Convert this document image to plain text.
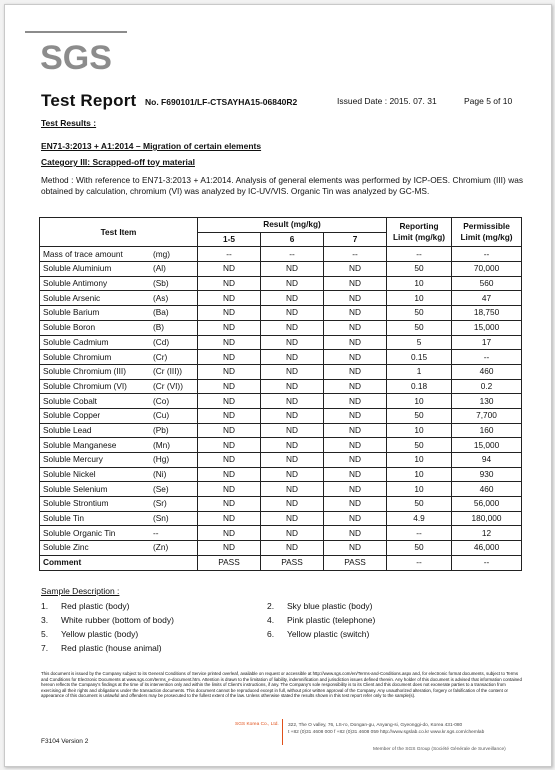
SGS
Test Report No. F690101/LF-CTSAYHA15-06840R2	Issued Date : 2015. 07. 31	Page 5 of 10
Test Results :
EN71-3:2013 + A1:2014 – Migration of certain elements
Category III: Scrapped-off toy material
Method : With reference to EN71-3:2013 + A1:2014. Analysis of general elements was performed by ICP-OES. Chromium (III) was obtained by calculation, chromium (VI) was analyzed by IC-UV/VIS. Organic Tin was analyzed by GC-MS.
Test Item	Result (mg/kg)			Reporting Limit (mg/kg)	Permissible Limit (mg/kg)
	1-5	6	7		
Mass of trace amount (mg)	--	--	--	--	--
Soluble Aluminium (Al)	ND	ND	ND	50	70,000
Soluble Antimony (Sb)	ND	ND	ND	10	560
Soluble Arsenic (As)	ND	ND	ND	10	47
Soluble Barium (Ba)	ND	ND	ND	50	18,750
Soluble Boron (B)	ND	ND	ND	50	15,000
Soluble Cadmium (Cd)	ND	ND	ND	5	17
Soluble Chromium (Cr)	ND	ND	ND	0.15	--
Soluble Chromium (III) (Cr (III))	ND	ND	ND	1	460
Soluble Chromium (VI) (Cr (VI))	ND	ND	ND	0.18	0.2
Soluble Cobalt (Co)	ND	ND	ND	10	130
Soluble Copper (Cu)	ND	ND	ND	50	7,700
Soluble Lead (Pb)	ND	ND	ND	10	160
Soluble Manganese (Mn)	ND	ND	ND	50	15,000
Soluble Mercury (Hg)	ND	ND	ND	10	94
Soluble Nickel (Ni)	ND	ND	ND	10	930
Soluble Selenium (Se)	ND	ND	ND	10	460
Soluble Strontium (Sr)	ND	ND	ND	50	56,000
Soluble Tin (Sn)	ND	ND	ND	4.9	180,000
Soluble Organic Tin --	ND	ND	ND	--	12
Soluble Zinc (Zn)	ND	ND	ND	50	46,000
Comment	PASS	PASS	PASS	--	--
Sample Description :
1. Red plastic (body)
3. White rubber (bottom of body)
5. Yellow plastic (body)
7. Red plastic (house animal)
2. Sky blue plastic (body)
4. Pink plastic (telephone)
6. Yellow plastic (switch)
This document is issued by the Company subject to its General Conditions of Service printed overleaf, available on request or accessible at http://www.sgs.com/en/Terms-and-Conditions.aspx and, for electronic format documents, subject to Terms and Conditions for Electronic Documents at www.sgs.com/terms_e-document.htm. Attention is drawn to the limitation of liability, indemnification and jurisdiction issues defined therein. Any holder of this document is advised that information contained hereon reflects the Company's findings at the time of its intervention only and within the limits of Client's instructions, if any. The Company's sole responsibility is to its Client and this document does not exonerate parties to a transaction from exercising all their rights and obligations under the transaction documents. This document cannot be reproduced except in full, without prior written approval of the Company. Any unauthorized alteration, forgery or falsification of the content or appearance of this document is unlawful and offenders may be prosecuted to the fullest extent of the law. Unless otherwise stated the results shown in this test report refer only to the sample(s).
SGS Korea Co., Ltd. 322, The O valley, 76, LS-ro, Dongan-gu, Anyang-si, Gyeonggi-do, Korea 431-080
t +82 (0)31 4608 000 f +82 (0)31 4608 059 http://www.sgslab.co.kr www.kr.sgs.com/chemlab
F3104 Version 2
Member of the SGS Group (Société Générale de Surveillance)
